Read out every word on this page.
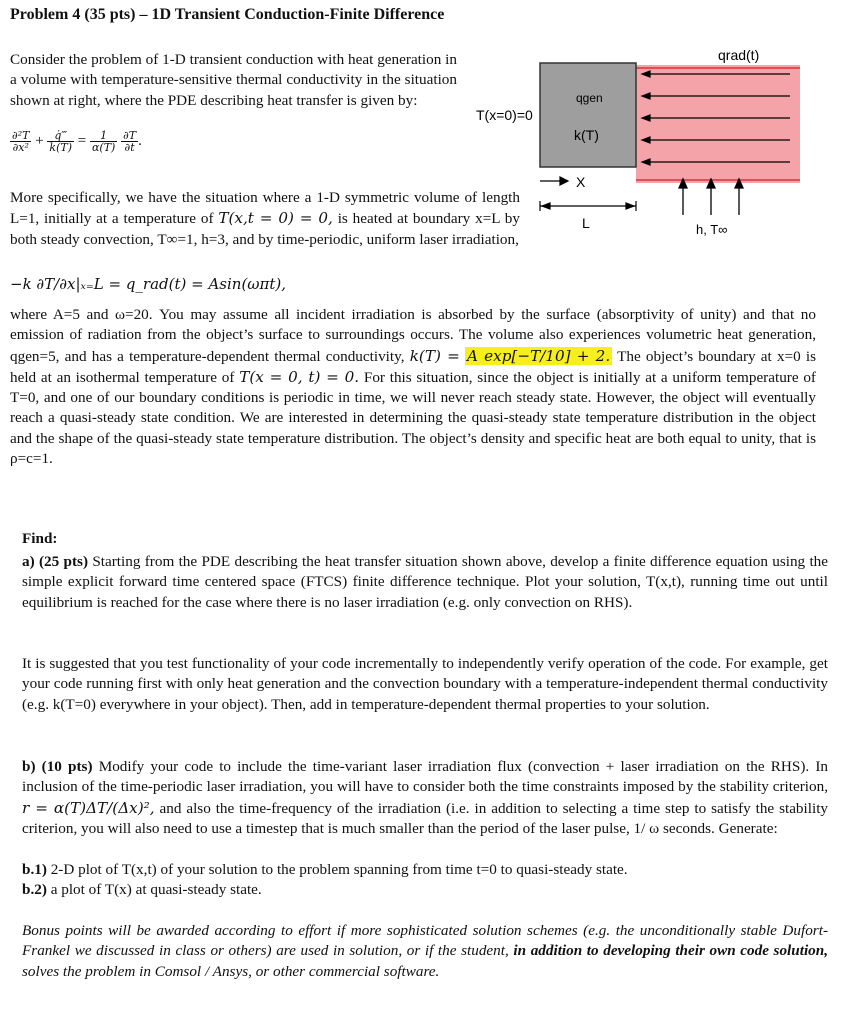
Problem 4 (35 pts) – 1D Transient Conduction-Finite Difference
Consider the problem of 1-D transient conduction with heat generation in a volume with temperature-sensitive thermal conductivity in the situation shown at right, where the PDE describing heat transfer is given by:
$\frac{\text{∂²T}}{\text{∂x²}} + \frac{q̇‴}{k(T)} = \frac{1}{\alpha(T)}$
$\frac{\partial T}{\partial t}$ .
More specifically, we have the situation where a 1-D symmetric volume of length L=1, initially at a temperature of T(x,t = 0) = 0, is heated at boundary x=L by both steady convection, T∞=1, h=3, and by time-periodic, uniform laser irradiation,
−k ∂T/∂x|ₓ₌L = q_rad(t) = Asin(ωπt),
where A=5 and ω=20. You may assume all incident irradiation is absorbed by the surface (absorptivity of unity) and that no emission of radiation from the object’s surface to surroundings occurs. The volume also experiences volumetric heat generation, qgen=5, and has a temperature-dependent thermal conductivity, k(T) = A exp[−T/10] + 2. The object’s boundary at x=0 is held at an isothermal temperature of T(x = 0, t) = 0. For this situation, since the object is initially at a uniform temperature of T=0, and one of our boundary conditions is periodic in time, we will never reach steady state. However, the object will eventually reach a quasi-steady state condition. We are interested in determining the quasi-steady state temperature distribution in the object and the shape of the quasi-steady state temperature distribution. The object’s density and specific heat are both equal to unity, that is ρ=c=1.
qrad(t)
qgen
k(T)
T(x=0)=0
X
L	h, T∞
Find:
a) (25 pts) Starting from the PDE describing the heat transfer situation shown above, develop a finite difference equation using the simple explicit forward time centered space (FTCS) finite difference technique. Plot your solution, T(x,t), running time out until equilibrium is reached for the case where there is no laser irradiation (e.g. only convection on RHS).
It is suggested that you test functionality of your code incrementally to independently verify operation of the code. For example, get your code running first with only heat generation and the convection boundary with a temperature-independent thermal conductivity (e.g. k(T=0) everywhere in your object). Then, add in temperature-dependent thermal properties to your solution.
b) (10 pts) Modify your code to include the time-variant laser irradiation flux (convection + laser irradiation on the RHS). In inclusion of the time-periodic laser irradiation, you will have to consider both the time constraints imposed by the stability criterion, r = α(T)ΔT/(Δx)², and also the time-frequency of the irradiation (i.e. in addition to selecting a time step to satisfy the stability criterion, you will also need to use a timestep that is much smaller than the period of the laser pulse, 1/ ω seconds. Generate:
b.1) 2-D plot of T(x,t) of your solution to the problem spanning from time t=0 to quasi-steady state.
b.2) a plot of T(x) at quasi-steady state.
Bonus points will be awarded according to effort if more sophisticated solution schemes (e.g. the unconditionally stable Dufort-Frankel we discussed in class or others) are used in solution, or if the student, in addition to developing their own code solution, solves the problem in Comsol / Ansys, or other commercial software.
